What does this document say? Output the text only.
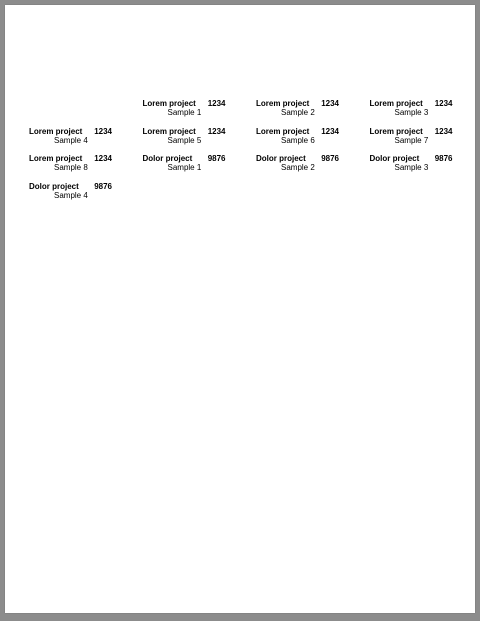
Lorem project 1234
Sample 1
Lorem project 1234
Sample 2
Lorem project 1234
Sample 3
Lorem project 1234
Sample 4
Lorem project 1234
Sample 5
Lorem project 1234
Sample 6
Lorem project 1234
Sample 7
Lorem project 1234
Sample 8
Dolor project 9876
Sample 1
Dolor project 9876
Sample 2
Dolor project 9876
Sample 3
Dolor project 9876
Sample 4
